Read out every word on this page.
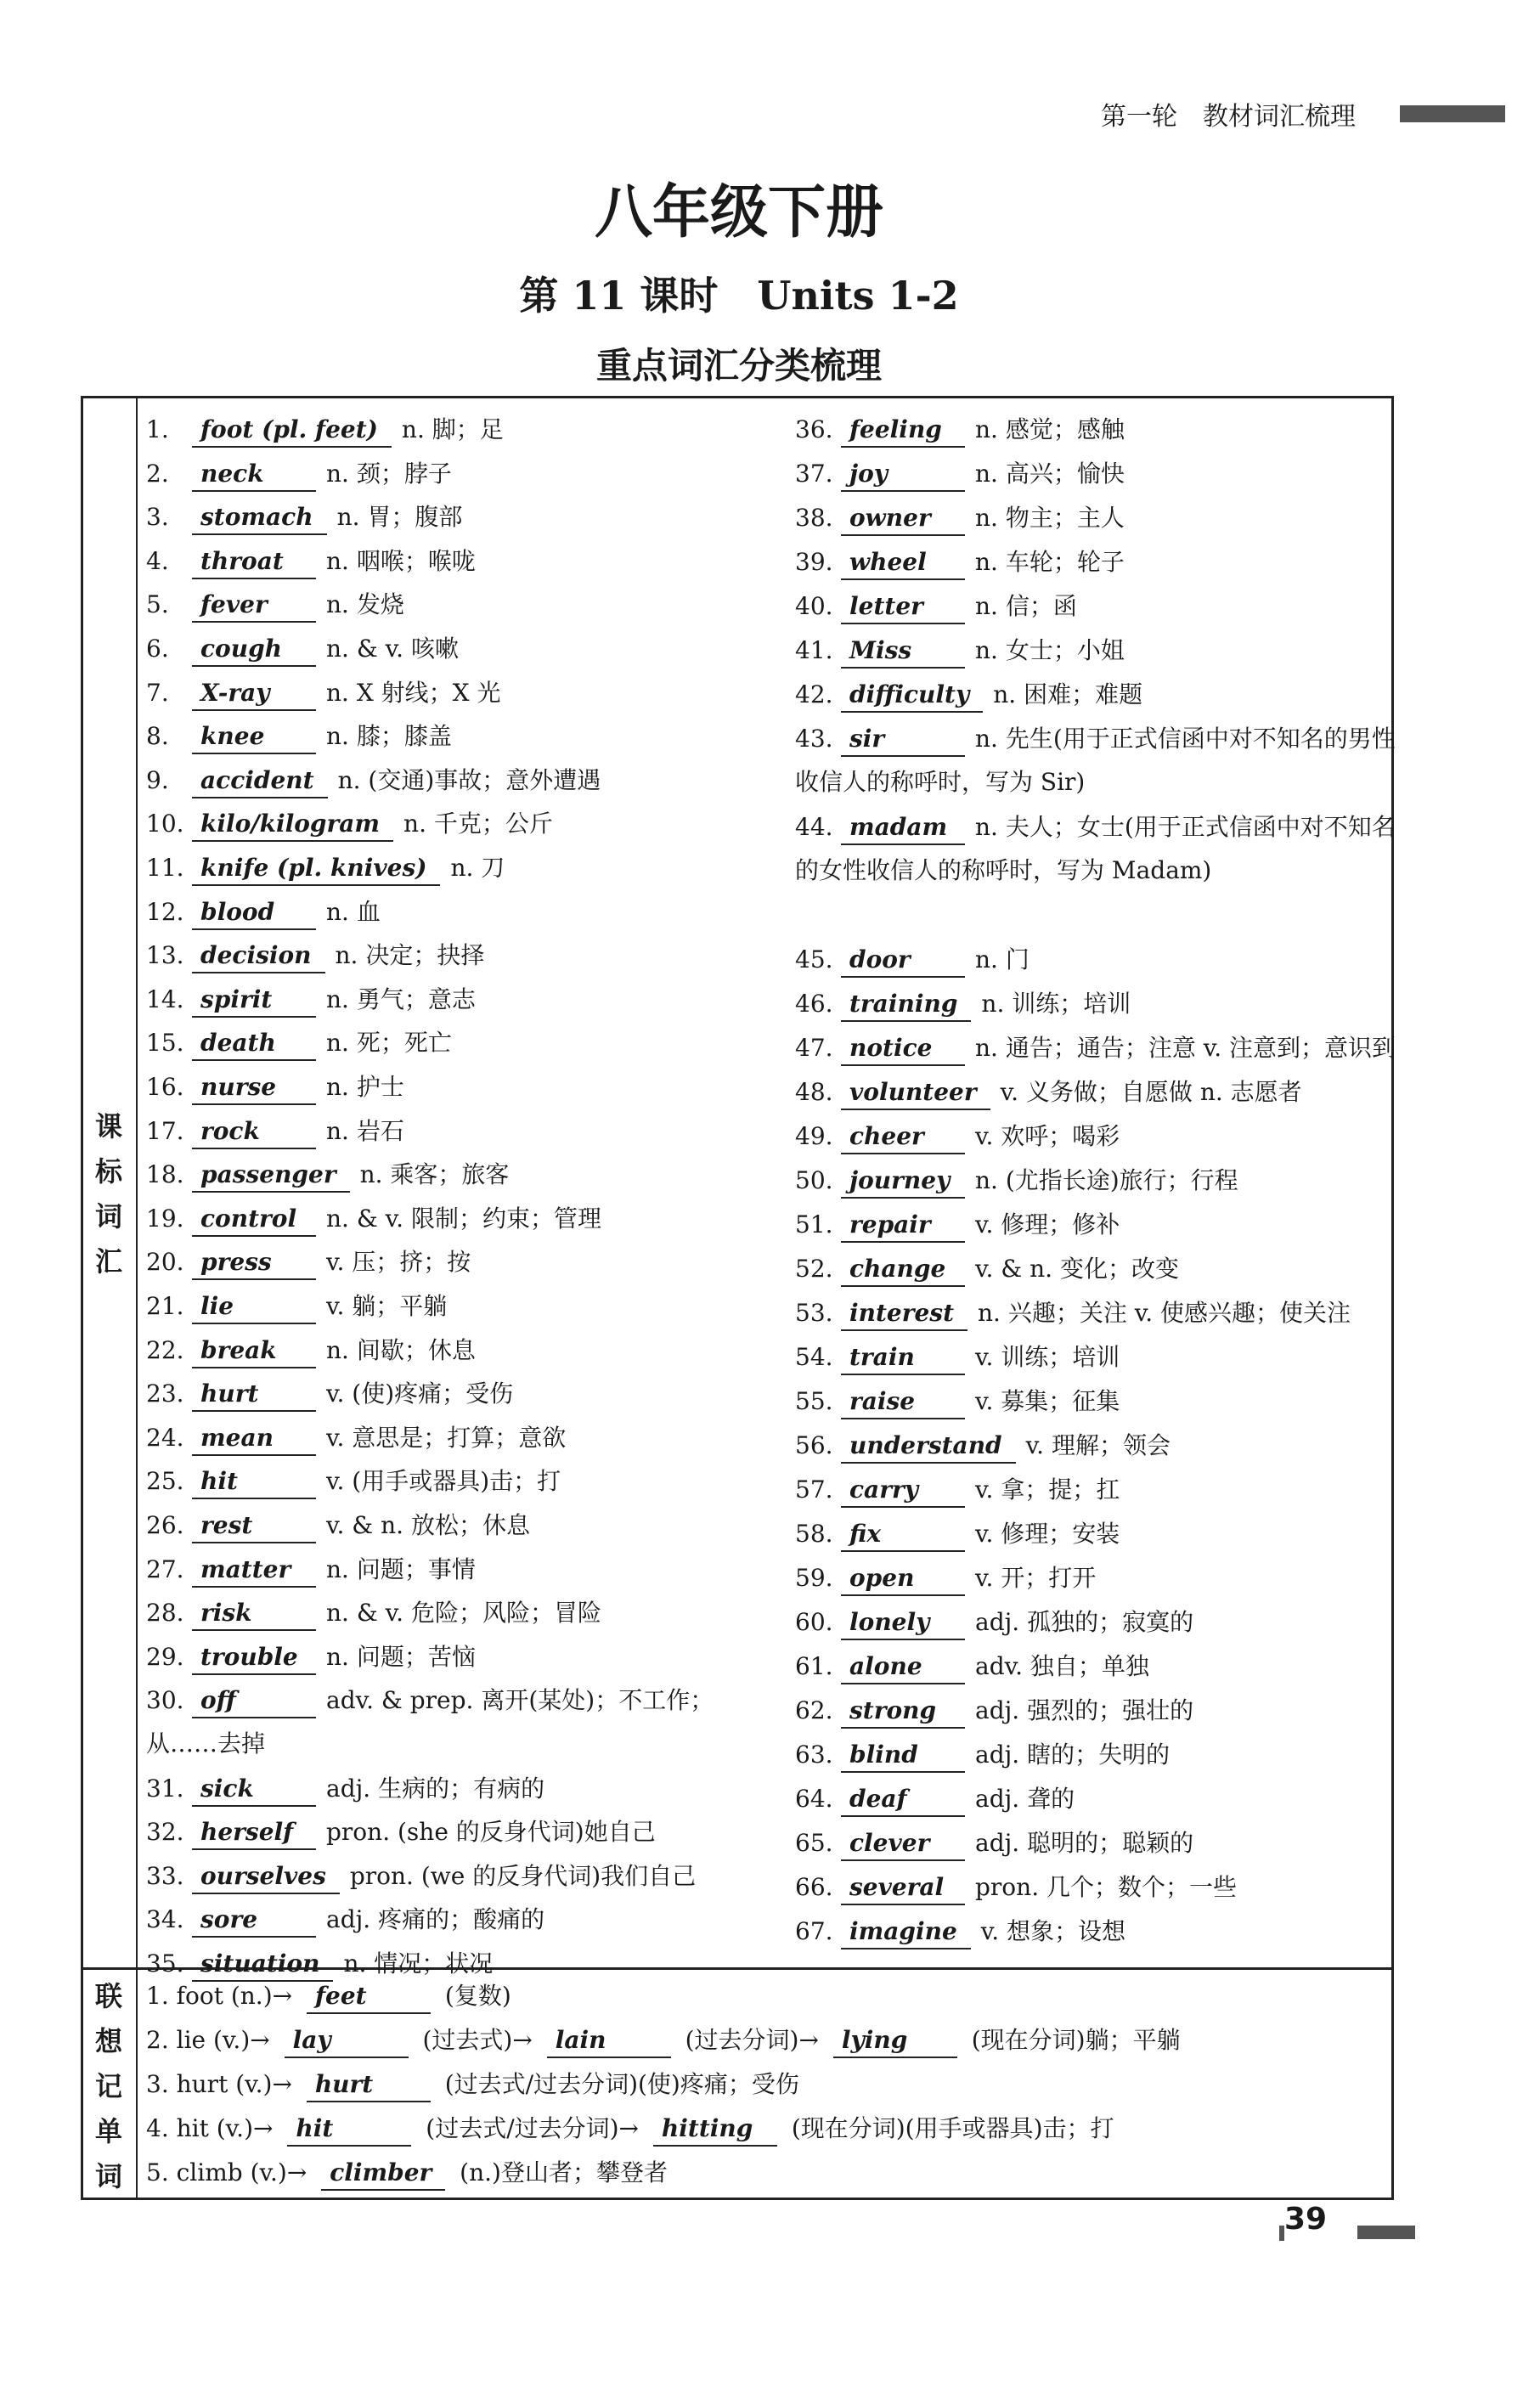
第一轮　教材词汇梳理
八年级下册
第 11 课时　Units 1-2
重点词汇分类梳理
课
标
词
汇
联
想
记
单
词
1. foot (pl. feet) n. 脚；足
2. neck	n. 颈；脖子
3. stomach n. 胃；腹部
4. throat n. 咽喉；喉咙
5. fever n. 发烧
6. cough n. & v. 咳嗽
7. X-ray n. X 射线；X 光
8. knee	n. 膝；膝盖
9. accident n. (交通)事故；意外遭遇
10. kilo/kilogram n. 千克；公斤
11. knife (pl. knives) n. 刀
12. blood n. 血
13. decision n. 决定；抉择
14. spirit n. 勇气；意志
15. death n. 死；死亡
16. nurse n. 护士
17. rock	n. 岩石
18. passenger n. 乘客；旅客
19. control n. & v. 限制；约束；管理
20. press v. 压；挤；按
21. lie	v. 躺；平躺
22. break n. 间歇；休息
23. hurt	v. (使)疼痛；受伤
24. mean v. 意思是；打算；意欲
25. hit	v. (用手或器具)击；打
26. rest	v. & n. 放松；休息
27. matter n. 问题；事情
28. risk	n. & v. 危险；风险；冒险
29. trouble n. 问题；苦恼
30. off	adv. & prep. 离开(某处)；不工作；从……去掉
31. sick	adj. 生病的；有病的
32. herself pron. (she 的反身代词)她自己
33. ourselves pron. (we 的反身代词)我们自己
34. sore	adj. 疼痛的；酸痛的
35. situation n. 情况；状况
36. feeling n. 感觉；感触
37. joy	n. 高兴；愉快
38. owner n. 物主；主人
39. wheel n. 车轮；轮子
40. letter n. 信；函
41. Miss	n. 女士；小姐
42. difficulty n. 困难；难题
43. sir	n. 先生(用于正式信函中对不知名的男性收信人的称呼时，写为 Sir)
44. madam n. 夫人；女士(用于正式信函中对不知名的女性收信人的称呼时，写为 Madam)
45. door	n. 门
46. training n. 训练；培训
47. notice n. 通告；通告；注意 v. 注意到；意识到
48. volunteer v. 义务做；自愿做 n. 志愿者
49. cheer v. 欢呼；喝彩
50. journey n. (尤指长途)旅行；行程
51. repair v. 修理；修补
52. change v. & n. 变化；改变
53. interest n. 兴趣；关注 v. 使感兴趣；使关注
54. train	v. 训练；培训
55. raise	v. 募集；征集
56. understand v. 理解；领会
57. carry v. 拿；提；扛
58. fix	v. 修理；安装
59. open	v. 开；打开
60. lonely adj. 孤独的；寂寞的
61. alone adv. 独自；单独
62. strong adj. 强烈的；强壮的
63. blind adj. 瞎的；失明的
64. deaf	adj. 聋的
65. clever adj. 聪明的；聪颖的
66. several pron. 几个；数个；一些
67. imagine v. 想象；设想
1. foot (n.)→ feet	(复数)
2. lie (v.)→ lay	(过去式)→ lain	(过去分词)→ lying (现在分词)躺；平躺
3. hurt (v.)→ hurt	(过去式/过去分词)(使)疼痛；受伤
4. hit (v.)→ hit	(过去式/过去分词)→ hitting (现在分词)(用手或器具)击；打
5. climb (v.)→ climber (n.)登山者；攀登者
39
